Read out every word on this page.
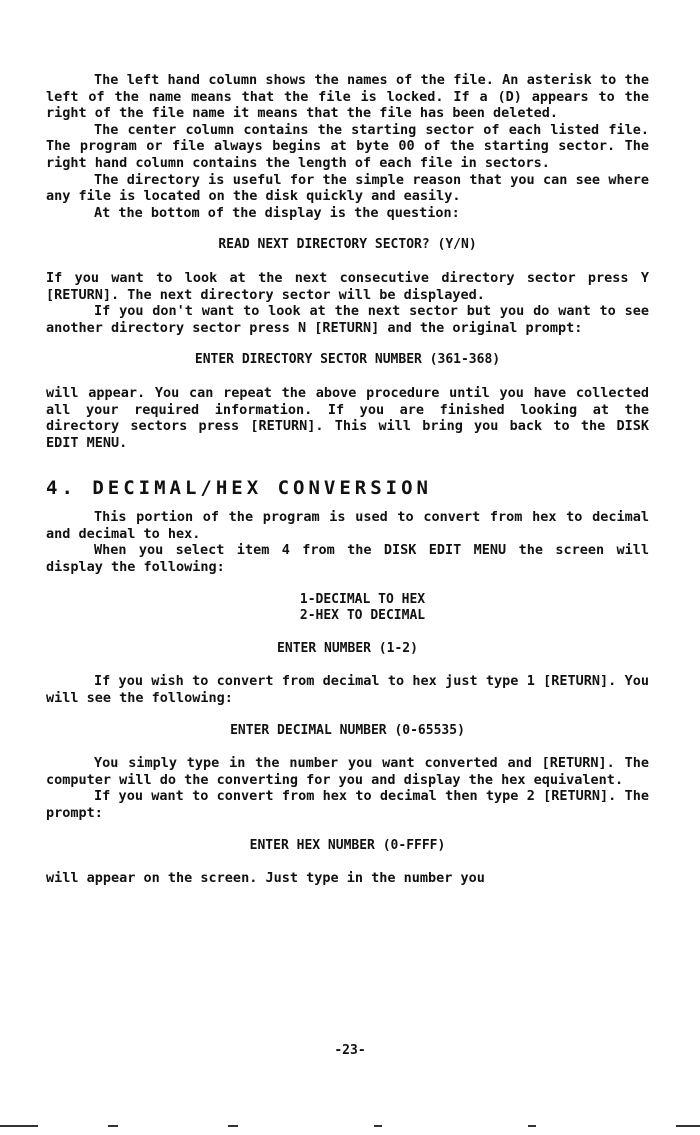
The left hand column shows the names of the file. An asterisk to the left of the name means that the file is locked. If a (D) appears to the right of the file name it means that the file has been deleted.

The center column contains the starting sector of each listed file. The program or file always begins at byte 00 of the starting sector. The right hand column contains the length of each file in sectors.

The directory is useful for the simple reason that you can see where any file is located on the disk quickly and easily.

At the bottom of the display is the question:

READ NEXT DIRECTORY SECTOR? (Y/N)

If you want to look at the next consecutive directory sector press Y [RETURN]. The next directory sector will be displayed.

If you don't want to look at the next sector but you do want to see another directory sector press N [RETURN] and the original prompt:

ENTER DIRECTORY SECTOR NUMBER (361-368)

will appear. You can repeat the above procedure until you have collected all your required information. If you are finished looking at the directory sectors press [RETURN]. This will bring you back to the DISK EDIT MENU.

4. DECIMAL/HEX CONVERSION

This portion of the program is used to convert from hex to decimal and decimal to hex.

When you select item 4 from the DISK EDIT MENU the screen will display the following:

1-DECIMAL TO HEX
2-HEX TO DECIMAL

ENTER NUMBER (1-2)

If you wish to convert from decimal to hex just type 1 [RETURN]. You will see the following:

ENTER DECIMAL NUMBER (0-65535)

You simply type in the number you want converted and [RETURN]. The computer will do the converting for you and display the hex equivalent.

If you want to convert from hex to decimal then type 2 [RETURN]. The prompt:

ENTER HEX NUMBER (0-FFFF)

will appear on the screen. Just type in the number you

-23-
